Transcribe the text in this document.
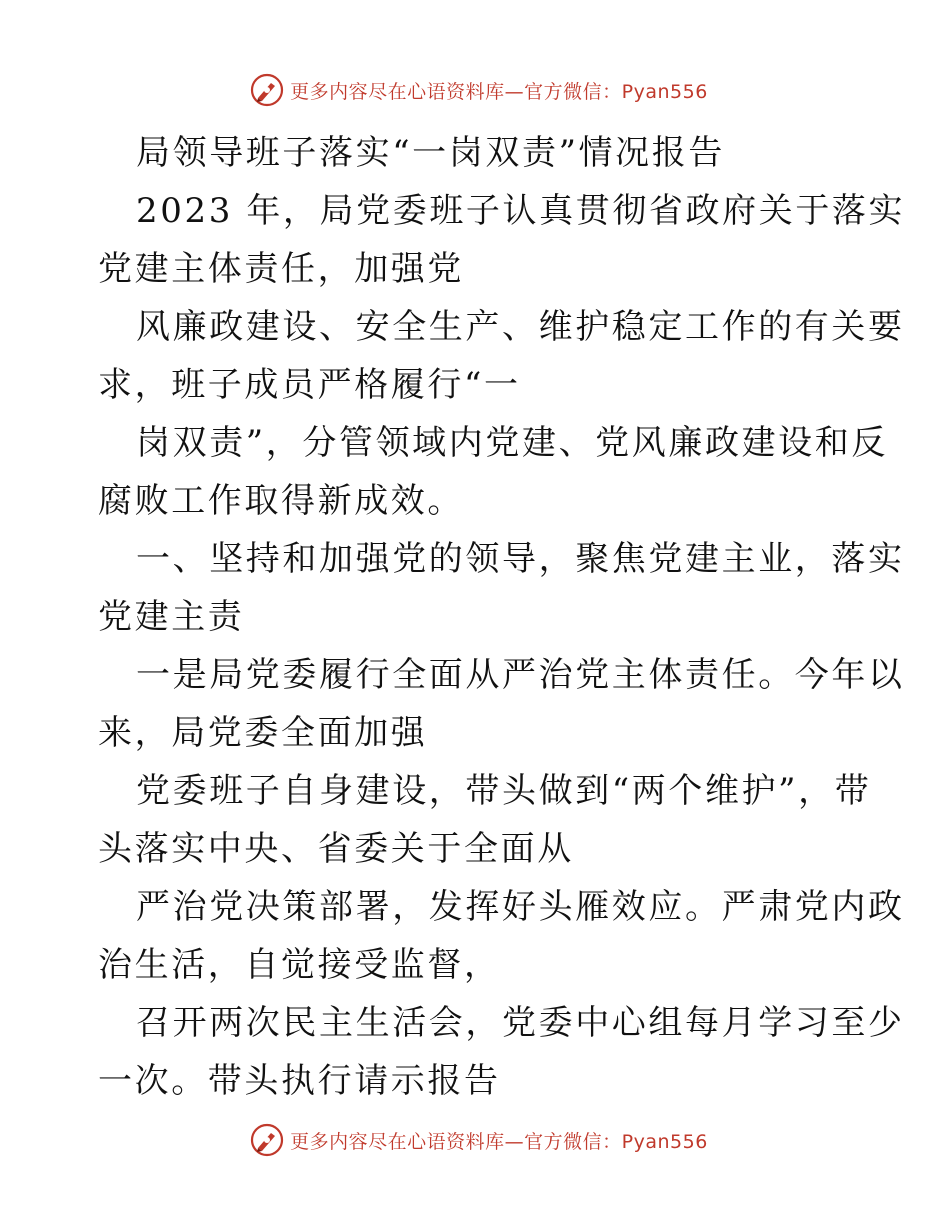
更多内容尽在心语资料库—官方微信：Pyan556

局领导班子落实“一岗双责”情况报告

2023 年，局党委班子认真贯彻省政府关于落实
党建主体责任，加强党

风廉政建设、安全生产、维护稳定工作的有关要
求，班子成员严格履行“一

岗双责”，分管领域内党建、党风廉政建设和反
腐败工作取得新成效。

一、坚持和加强党的领导，聚焦党建主业，落实
党建主责

一是局党委履行全面从严治党主体责任。今年以
来，局党委全面加强

党委班子自身建设，带头做到“两个维护”，带
头落实中央、省委关于全面从

严治党决策部署，发挥好头雁效应。严肃党内政
治生活，自觉接受监督，

召开两次民主生活会，党委中心组每月学习至少
一次。带头执行请示报告

更多内容尽在心语资料库—官方微信：Pyan556
